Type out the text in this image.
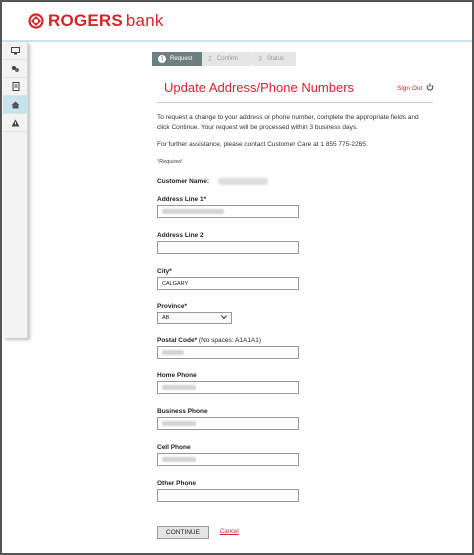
ROGERS bank
1	Request 2 Confirm	3 Status
Update Address/Phone Numbers	Sign Out
To request a change to your address or phone number, complete the appropriate fields and click Continue. Your request will be processed within 3 business days.
For further assistance, please contact Customer Care at 1 855 775-2265.
*Required
Customer Name:
Address Line 1*
Address Line 2
City*
CALGARY
Province*
AB
Postal Code* (No spaces: A1A1A1)
Home Phone
Business Phone
Cell Phone
Other Phone
CONTINUE	Cancel
